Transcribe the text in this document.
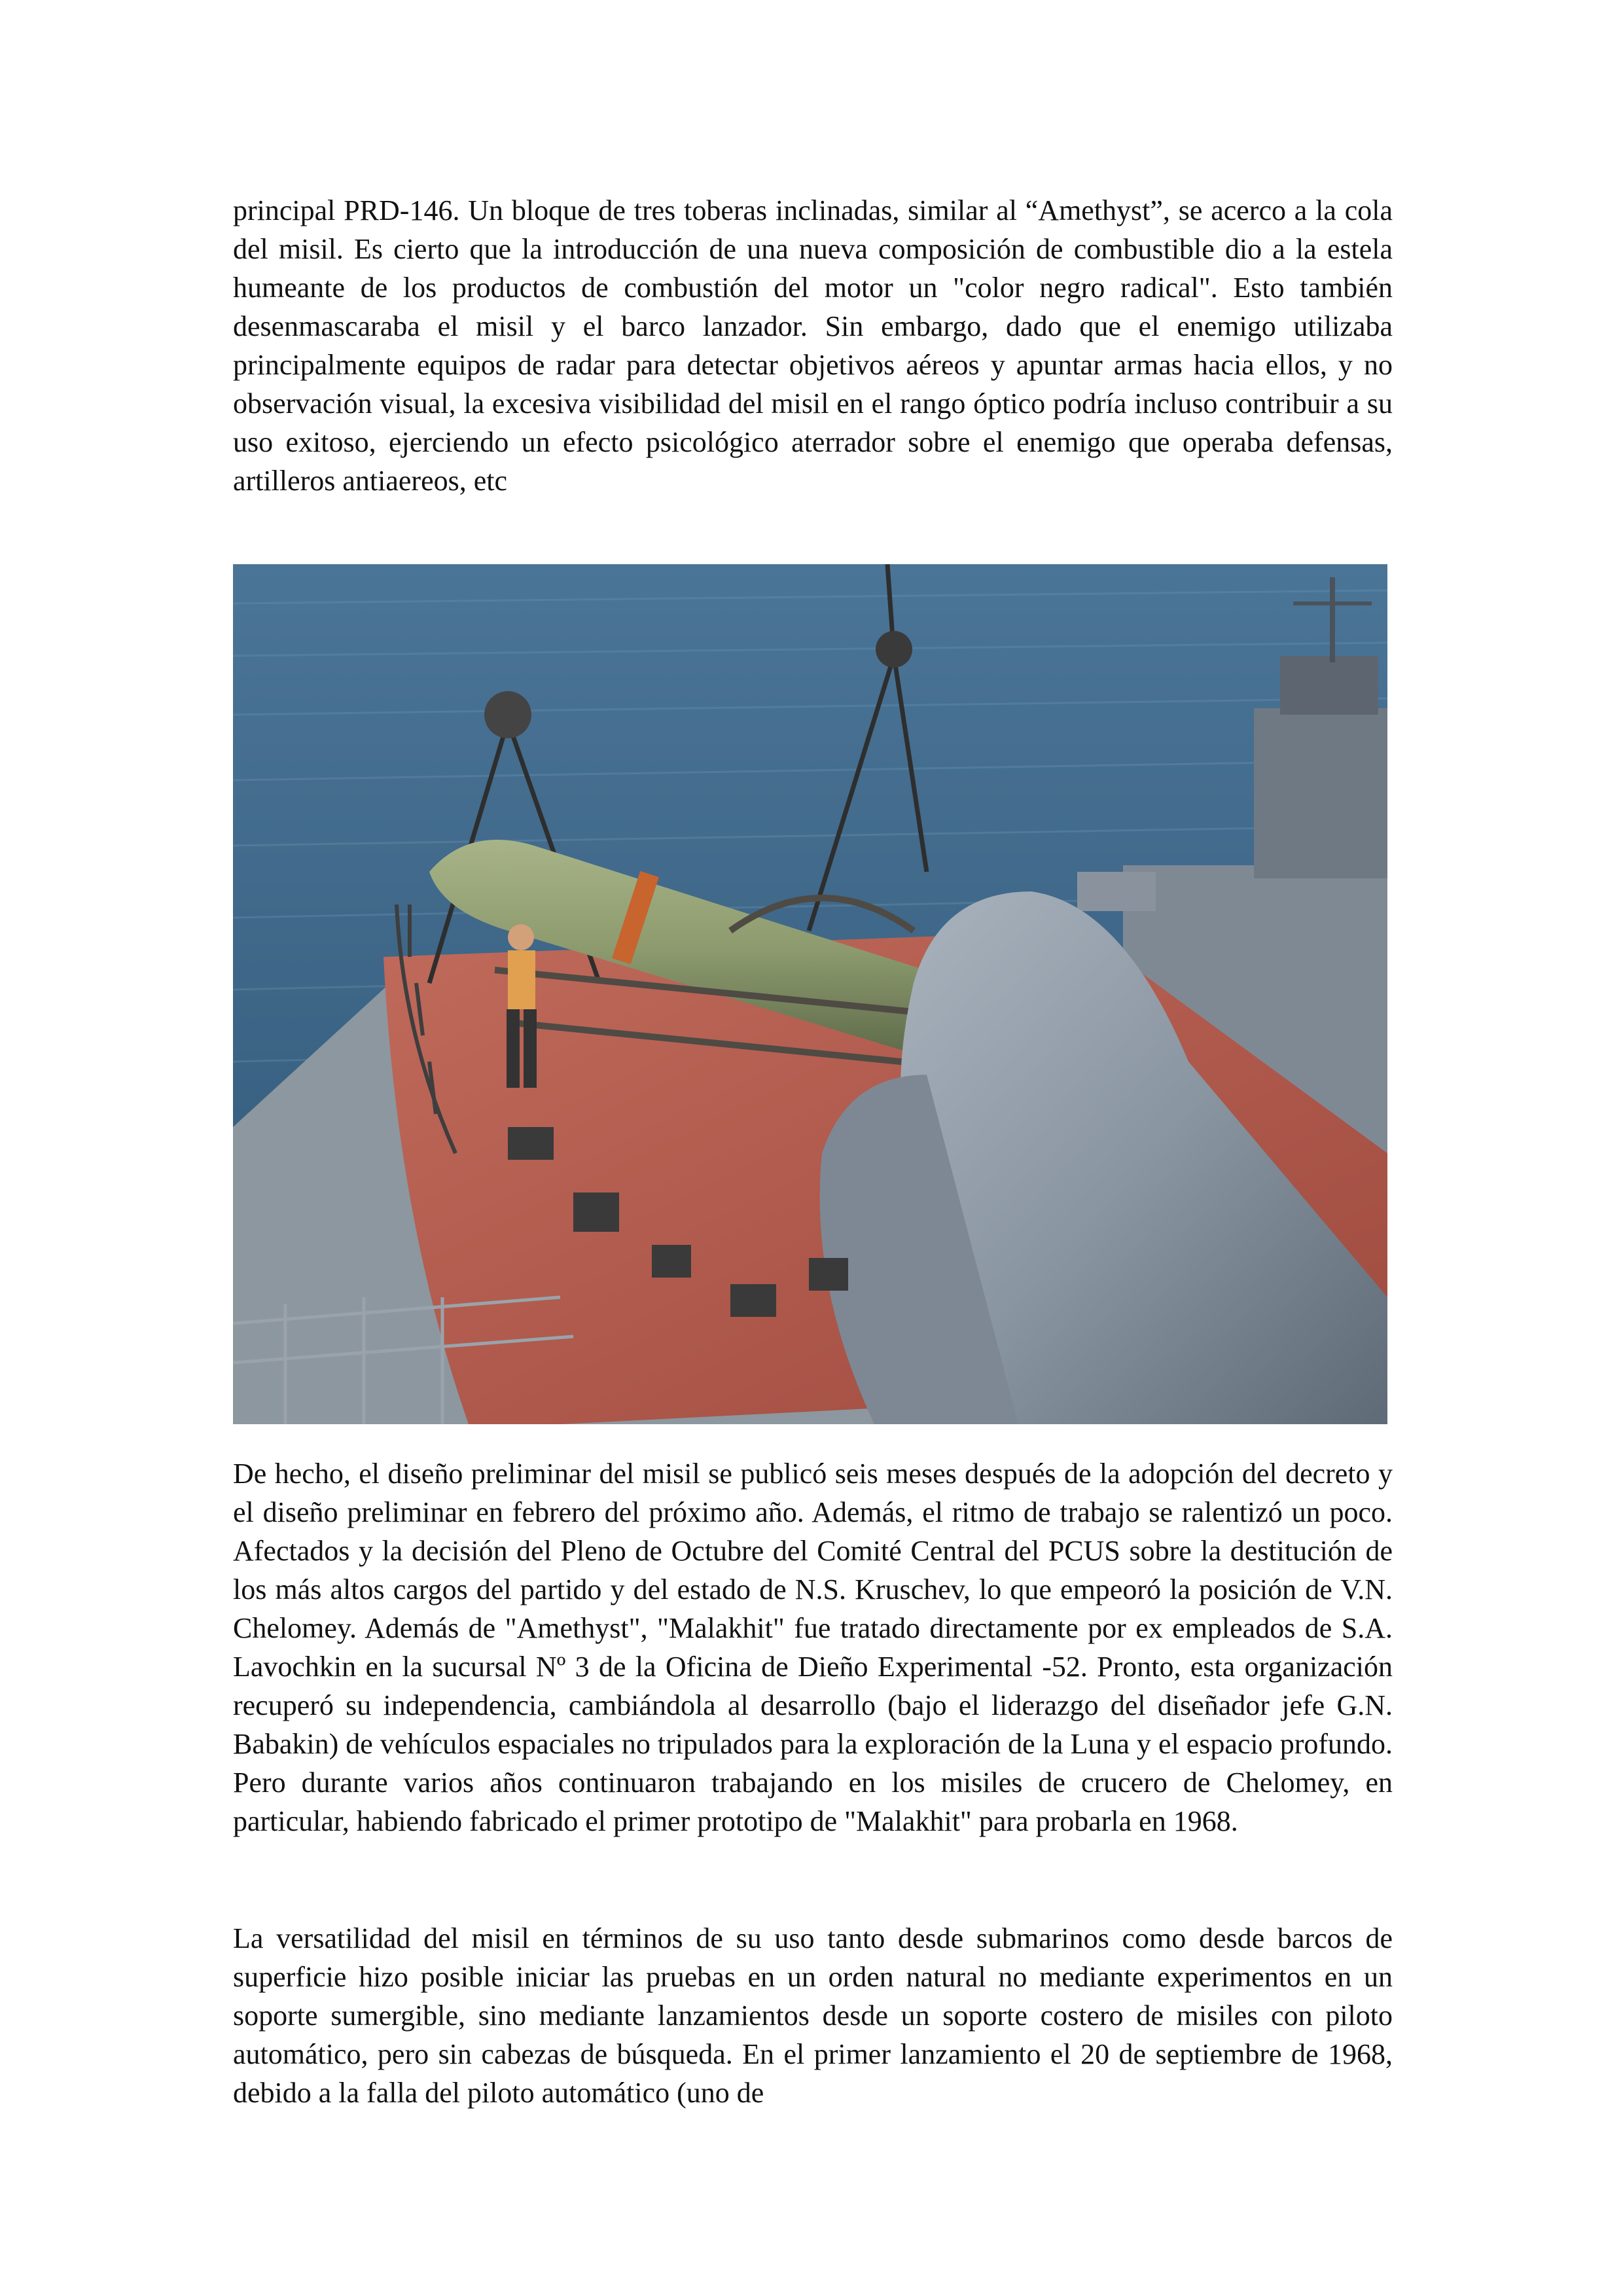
principal PRD-146. Un bloque de tres toberas inclinadas, similar al “Amethyst”, se acerco a la cola del misil. Es cierto que la introducción de una nueva composición de combustible dio a la estela humeante de los productos de combustión del motor un "color negro radical". Esto también desenmascaraba el misil y el barco lanzador. Sin embargo, dado que el enemigo utilizaba principalmente equipos de radar para detectar objetivos aéreos y apuntar armas hacia ellos, y no observación visual, la excesiva visibilidad del misil en el rango óptico podría incluso contribuir a su uso exitoso, ejerciendo un efecto psicológico aterrador sobre el enemigo que operaba defensas, artilleros antiaereos, etc

De hecho, el diseño preliminar del misil se publicó seis meses después de la adopción del decreto y el diseño preliminar en febrero del próximo año. Además, el ritmo de trabajo se ralentizó un poco. Afectados y la decisión del Pleno de Octubre del Comité Central del PCUS sobre la destitución de los más altos cargos del partido y del estado de N.S. Kruschev, lo que empeoró la posición de V.N. Chelomey. Además de "Amethyst", "Malakhit" fue tratado directamente por ex empleados de S.A. Lavochkin en la sucursal Nº 3 de la Oficina de Dieño Experimental -52. Pronto, esta organización recuperó su independencia, cambiándola al desarrollo (bajo el liderazgo del diseñador jefe G.N. Babakin) de vehículos espaciales no tripulados para la exploración de la Luna y el espacio profundo. Pero durante varios años continuaron trabajando en los misiles de crucero de Chelomey, en particular, habiendo fabricado el primer prototipo de "Malakhit" para probarla en 1968.

La versatilidad del misil en términos de su uso tanto desde submarinos como desde barcos de superficie hizo posible iniciar las pruebas en un orden natural no mediante experimentos en un soporte sumergible, sino mediante lanzamientos desde un soporte costero de misiles con piloto automático, pero sin cabezas de búsqueda. En el primer lanzamiento el 20 de septiembre de 1968, debido a la falla del piloto automático (uno de
